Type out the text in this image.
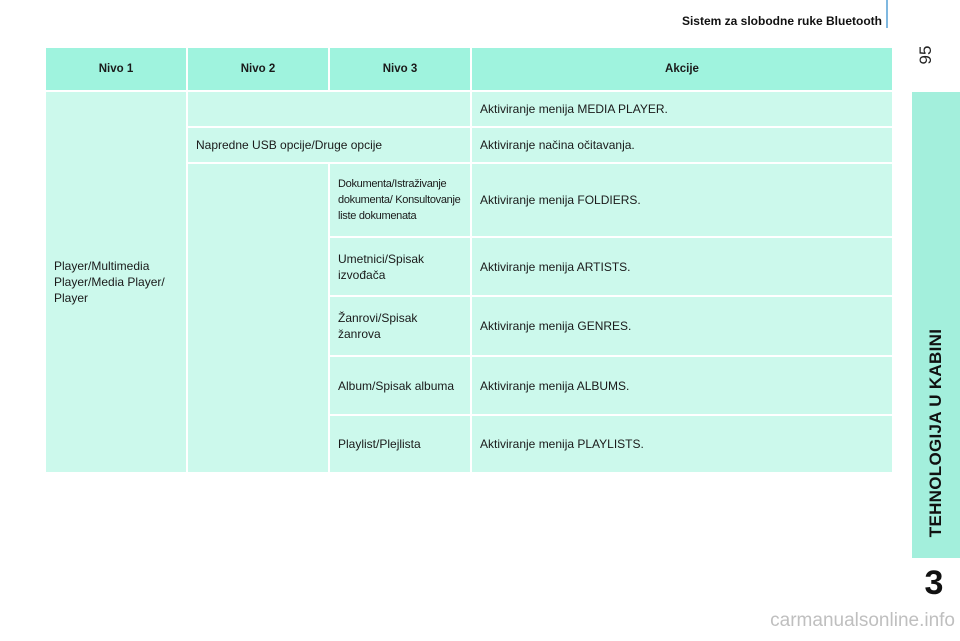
Sistem za slobodne ruke Bluetooth
95
TEHNOLOGIJA U KABINI
3
Nivo 1	Nivo 2	Nivo 3	Akcije
Player/Multimedia Player/Media Player/ Player			Aktiviranje menija MEDIA PLAYER.
	Napredne USB opcije/Druge opcije		Aktiviranje načina očitavanja.
		Dokumenta/Istraživanje dokumenta/ Konsultovanje liste dokumenata	Aktiviranje menija FOLDIERS.
		Umetnici/Spisak izvođača	Aktiviranje menija ARTISTS.
		Žanrovi/Spisak žanrova	Aktiviranje menija GENRES.
		Album/Spisak albuma	Aktiviranje menija ALBUMS.
		Playlist/Plejlista	Aktiviranje menija PLAYLISTS.
carmanualsonline.info
